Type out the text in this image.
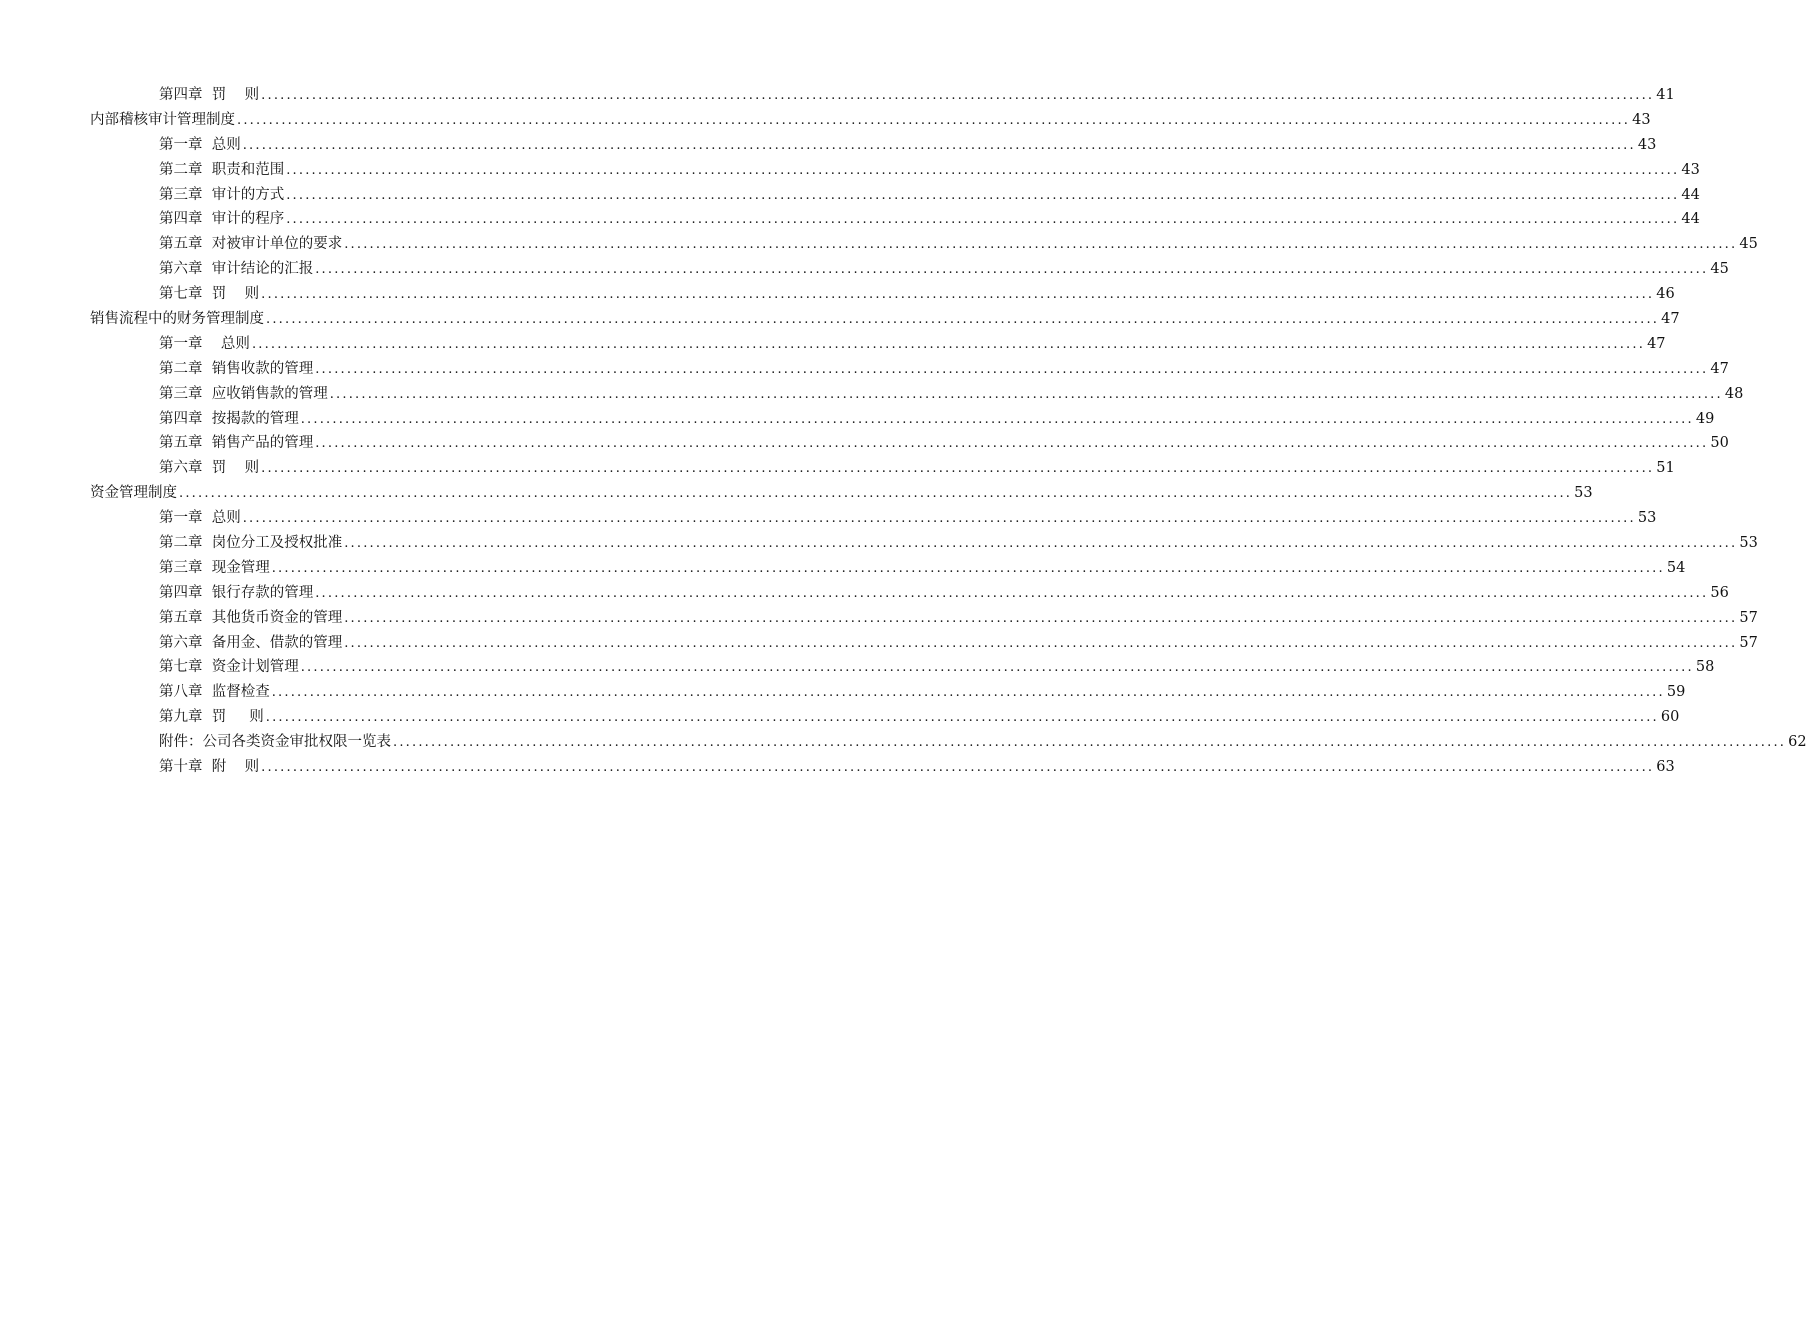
第四章  罚    则 ............................................................................................................................................................................................................................ 41
内部稽核审计管理制度 ............................................................................................................................................................................................................................ 43
第一章  总则 ............................................................................................................................................................................................................................ 43
第二章  职责和范围 ............................................................................................................................................................................................................................ 43
第三章  审计的方式 ............................................................................................................................................................................................................................ 44
第四章  审计的程序 ............................................................................................................................................................................................................................ 44
第五章  对被审计单位的要求 ............................................................................................................................................................................................................................ 45
第六章  审计结论的汇报 ............................................................................................................................................................................................................................ 45
第七章  罚    则 ............................................................................................................................................................................................................................ 46
销售流程中的财务管理制度 ............................................................................................................................................................................................................................ 47
第一章    总则 ............................................................................................................................................................................................................................ 47
第二章  销售收款的管理 ............................................................................................................................................................................................................................ 47
第三章  应收销售款的管理 ............................................................................................................................................................................................................................ 48
第四章  按揭款的管理 ............................................................................................................................................................................................................................ 49
第五章  销售产品的管理 ............................................................................................................................................................................................................................ 50
第六章  罚    则 ............................................................................................................................................................................................................................ 51
资金管理制度 ............................................................................................................................................................................................................................ 53
第一章  总则 ............................................................................................................................................................................................................................ 53
第二章  岗位分工及授权批准 ............................................................................................................................................................................................................................ 53
第三章  现金管理 ............................................................................................................................................................................................................................ 54
第四章  银行存款的管理 ............................................................................................................................................................................................................................ 56
第五章  其他货币资金的管理 ............................................................................................................................................................................................................................ 57
第六章  备用金、借款的管理 ............................................................................................................................................................................................................................ 57
第七章  资金计划管理 ............................................................................................................................................................................................................................ 58
第八章  监督检查 ............................................................................................................................................................................................................................ 59
第九章  罚     则 ............................................................................................................................................................................................................................ 60
附件：公司各类资金审批权限一览表 ............................................................................................................................................................................................................................ 62
第十章  附    则 ............................................................................................................................................................................................................................ 63
